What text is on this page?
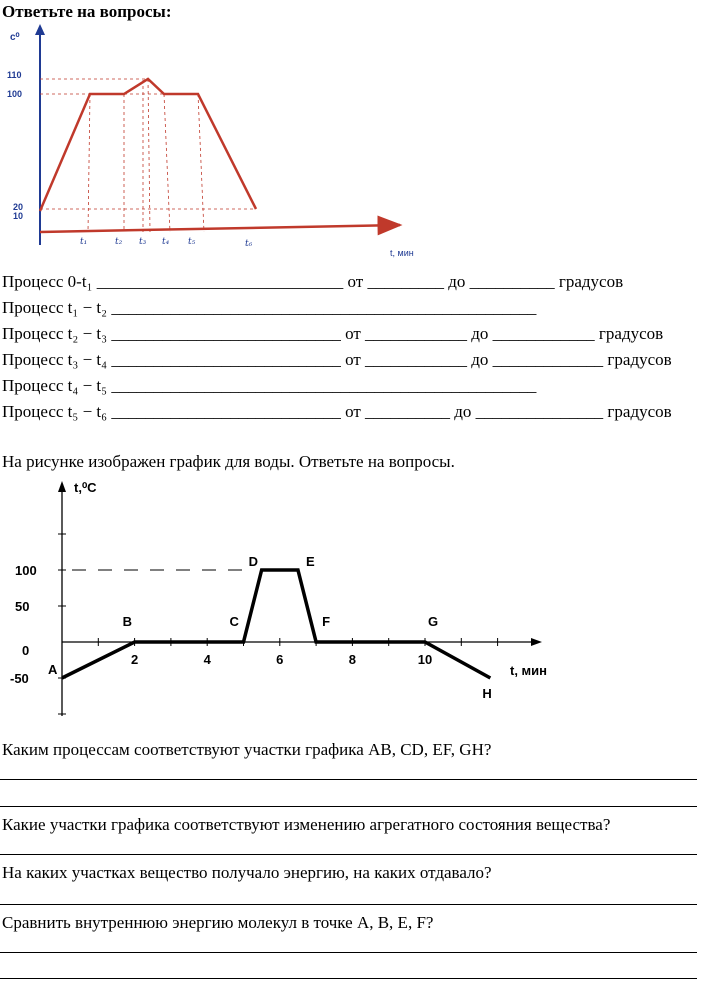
Ответьте на вопросы:
c⁰
110
100
20
10
t₁	t₂ t₃ t₄ t₅	t₆
t, мин
Процесс 0-t₁ _____________________________ от _________ до __________ градусов
Процесс t₁ − t₂ __________________________________________________
Процесс t₂ − t₃ ___________________________ от ____________ до ____________ градусов
Процесс t₃ − t₄ ___________________________ от ____________ до _____________ градусов
Процесс t₄ − t₅ __________________________________________________
Процесс t₅ − t₆ ___________________________ от __________ до _______________ градусов
На рисунке изображен график для воды. Ответьте на вопросы.
t,⁰C
t, мин
100
50
0
-50
2	4	6	8	10
A
B	C
D	E
F	G
H
Каким процессам соответствуют участки графика AB, CD, EF, GH?
Какие участки графика соответствуют изменению агрегатного состояния вещества?
На каких участках вещество получало энергию, на каких отдавало?
Сравнить внутреннюю энергию молекул в точке A, B, E, F?
